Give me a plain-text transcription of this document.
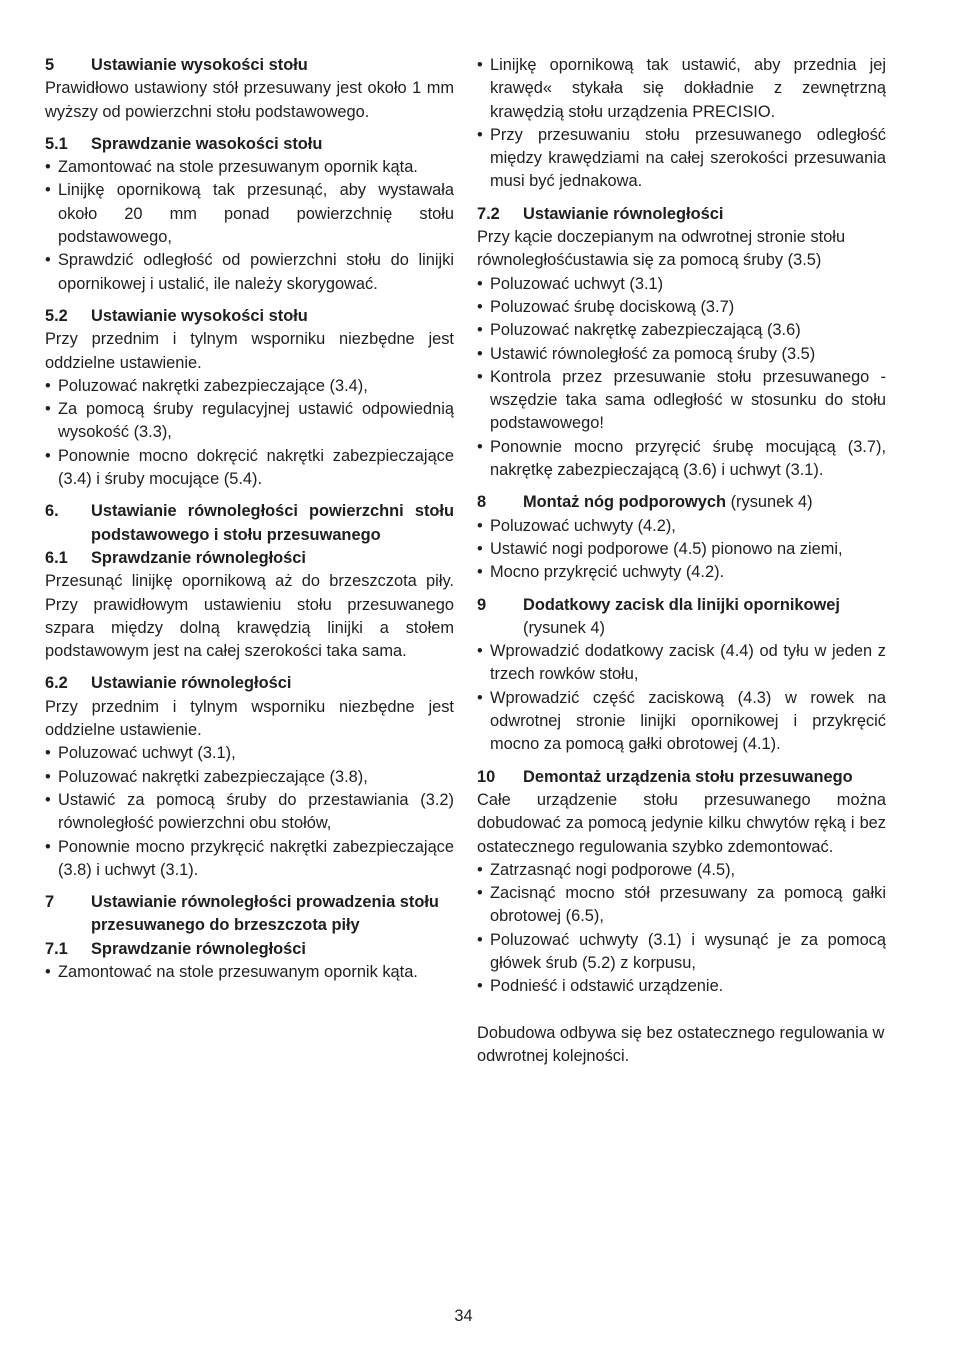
5	Ustawianie wysokości stołu

Prawidłowo ustawiony stół przesuwany jest około 1 mm wyższy od powierzchni stołu podstawowego.

5.1	Sprawdzanie wasokości stołu
• Zamontować na stole przesuwanym opornik kąta.
• Linijkę opornikową tak przesunąć, aby wystawała około 20 mm ponad powierzchnię stołu podstawowego,
• Sprawdzić odległość od powierzchni stołu do linijki opornikowej i ustalić, ile należy skorygować.
5.2	Ustawianie wysokości stołu

Przy przednim i tylnym wsporniku niezbędne jest oddzielne ustawienie.

• Poluzować nakrętki zabezpieczające (3.4),
• Za pomocą śruby regulacyjnej ustawić odpowiednią wysokość (3.3),
• Ponownie mocno dokręcić nakrętki zabezpieczające (3.4) i śruby mocujące (5.4).
6.	Ustawianie równoległości powierzchni stołu podstawowego i stołu przesuwanego
6.1	Sprawdzanie równoległości

Przesunąć linijkę opornikową aż do brzeszczota piły. Przy prawidłowym ustawieniu stołu przesuwanego szpara między dolną krawędzią linijki a stołem podstawowym jest na całej szerokości taka sama.

6.2	Ustawianie równoległości

Przy przednim i tylnym wsporniku niezbędne jest oddzielne ustawienie.

• Poluzować uchwyt (3.1),
• Poluzować nakrętki zabezpieczające (3.8),
• Ustawić za pomocą śruby do przestawiania (3.2) równoległość powierzchni obu stołów,
• Ponownie mocno przykręcić nakrętki zabezpieczające (3.8) i uchwyt (3.1).
7	Ustawianie równoległości prowadzenia stołu przesuwanego do brzeszczota piły
7.1	Sprawdzanie równoległości
• Zamontować na stole przesuwanym opornik kąta.
• Linijkę opornikową tak ustawić, aby przednia jej krawęd« stykała się dokładnie z zewnętrzną krawędzią stołu urządzenia PRECISIO.
• Przy przesuwaniu stołu przesuwanego odległość między krawędziami na całej szerokości przesuwania musi być jednakowa.
7.2	Ustawianie równoległości

Przy kącie doczepianym na odwrotnej stronie stołu równoległośćustawia się za pomocą śruby (3.5)

• Poluzować uchwyt (3.1)
• Poluzować śrubę dociskową (3.7)
• Poluzować nakrętkę zabezpieczającą (3.6)
• Ustawić równoległość za pomocą śruby (3.5)
• Kontrola przez przesuwanie stołu przesuwanego - wszędzie taka sama odległość w stosunku do stołu podstawowego!
• Ponownie mocno przyręcić śrubę mocującą (3.7), nakrętkę zabezpieczającą (3.6) i uchwyt (3.1).
8	Montaż nóg podporowych (rysunek 4)
• Poluzować uchwyty (4.2),
• Ustawić nogi podporowe (4.5) pionowo na ziemi,
• Mocno przykręcić uchwyty (4.2).
9	Dodatkowy zacisk dla linijki opornikowej (rysunek 4)
• Wprowadzić dodatkowy zacisk (4.4) od tyłu w jeden z trzech rowków stołu,
• Wprowadzić część zaciskową (4.3) w rowek na odwrotnej stronie linijki opornikowej i przykręcić mocno za pomocą gałki obrotowej (4.1).
10	Demontaż urządzenia stołu przesuwanego

Całe urządzenie stołu przesuwanego można dobudować za pomocą jedynie kilku chwytów ręką i bez ostatecznego regulowania szybko zdemontować.

• Zatrzasnąć nogi podporowe (4.5),
• Zacisnąć mocno stół przesuwany za pomocą gałki obrotowej (6.5),
• Poluzować uchwyty (3.1) i wysunąć je za pomocą główek śrub (5.2) z korpusu,
• Podnieść i odstawić urządzenie.

Dobudowa odbywa się bez ostatecznego regulowania w odwrotnej kolejności.

34
